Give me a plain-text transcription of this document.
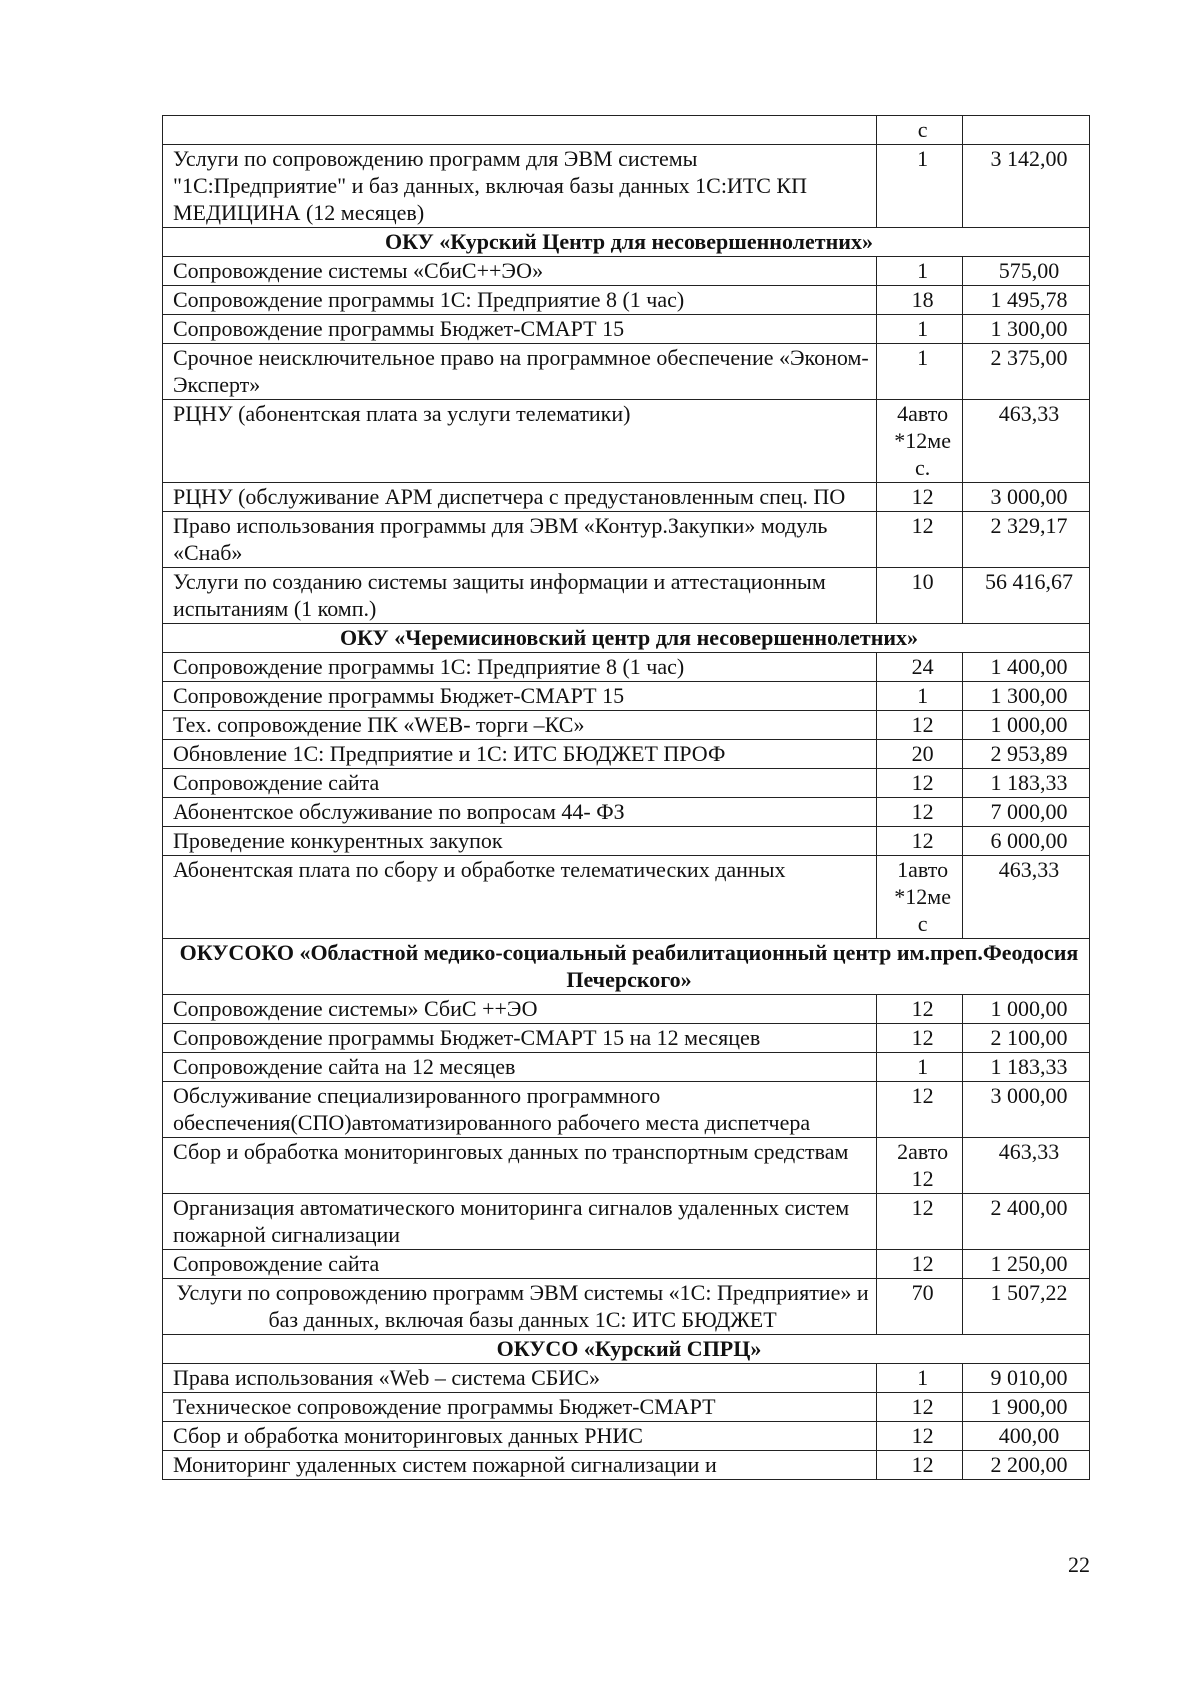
	с	
Услуги по сопровождению программ для ЭВМ системы "1С:Предприятие" и баз данных, включая базы данных 1С:ИТС КП МЕДИЦИНА (12 месяцев)	1	3 142,00
ОКУ «Курский Центр для несовершеннолетних»		
Сопровождение системы «СбиС++ЭО»	1	575,00
Сопровождение программы 1С: Предприятие 8 (1 час)	18	1 495,78
Сопровождение программы Бюджет-СМАРТ 15	1	1 300,00
Срочное неисключительное право на программное обеспечение «Эконом-Эксперт»	1	2 375,00
РЦНУ (абонентская плата за услуги телематики)	4авто *12ме с.	463,33
РЦНУ (обслуживание АРМ диспетчера с предустановленным спец. ПО	12	3 000,00
Право использования программы для ЭВМ «Контур.Закупки» модуль «Снаб»	12	2 329,17
Услуги по созданию системы защиты информации и аттестационным испытаниям (1 комп.)	10	56 416,67
ОКУ «Черемисиновский центр для несовершеннолетних»		
Сопровождение программы 1С: Предприятие 8 (1 час)	24	1 400,00
Сопровождение программы Бюджет-СМАРТ 15	1	1 300,00
Тех. сопровождение ПК «WEB- торги –КС»	12	1 000,00
Обновление 1С: Предприятие и 1С: ИТС БЮДЖЕТ ПРОФ	20	2 953,89
Сопровождение сайта	12	1 183,33
Абонентское обслуживание по вопросам 44- ФЗ	12	7 000,00
Проведение конкурентных закупок	12	6 000,00
Абонентская плата по сбору и обработке телематических данных	1авто *12ме с	463,33
ОКУСОКО «Областной медико-социальный реабилитационный центр им.преп.Феодосия Печерского»		
Сопровождение системы» СбиС ++ЭО	12	1 000,00
Сопровождение программы Бюджет-СМАРТ 15 на 12 месяцев	12	2 100,00
Сопровождение сайта на 12 месяцев	1	1 183,33
Обслуживание специализированного программного обеспечения(СПО)автоматизированного рабочего места диспетчера	12	3 000,00
Сбор и обработка мониторинговых данных по транспортным средствам	2авто 12	463,33
Организация автоматического мониторинга сигналов удаленных систем пожарной сигнализации	12	2 400,00
Сопровождение сайта	12	1 250,00
Услуги по сопровождению программ ЭВМ системы «1С: Предприятие» и баз данных, включая базы данных 1С: ИТС БЮДЖЕТ	70	1 507,22
ОКУСО «Курский СПРЦ»		
Права использования «Web – система СБИС»	1	9 010,00
Техническое сопровождение программы Бюджет-СМАРТ	12	1 900,00
Сбор и обработка мониторинговых данных РНИС	12	400,00
Мониторинг удаленных систем пожарной сигнализации и	12	2 200,00
22
